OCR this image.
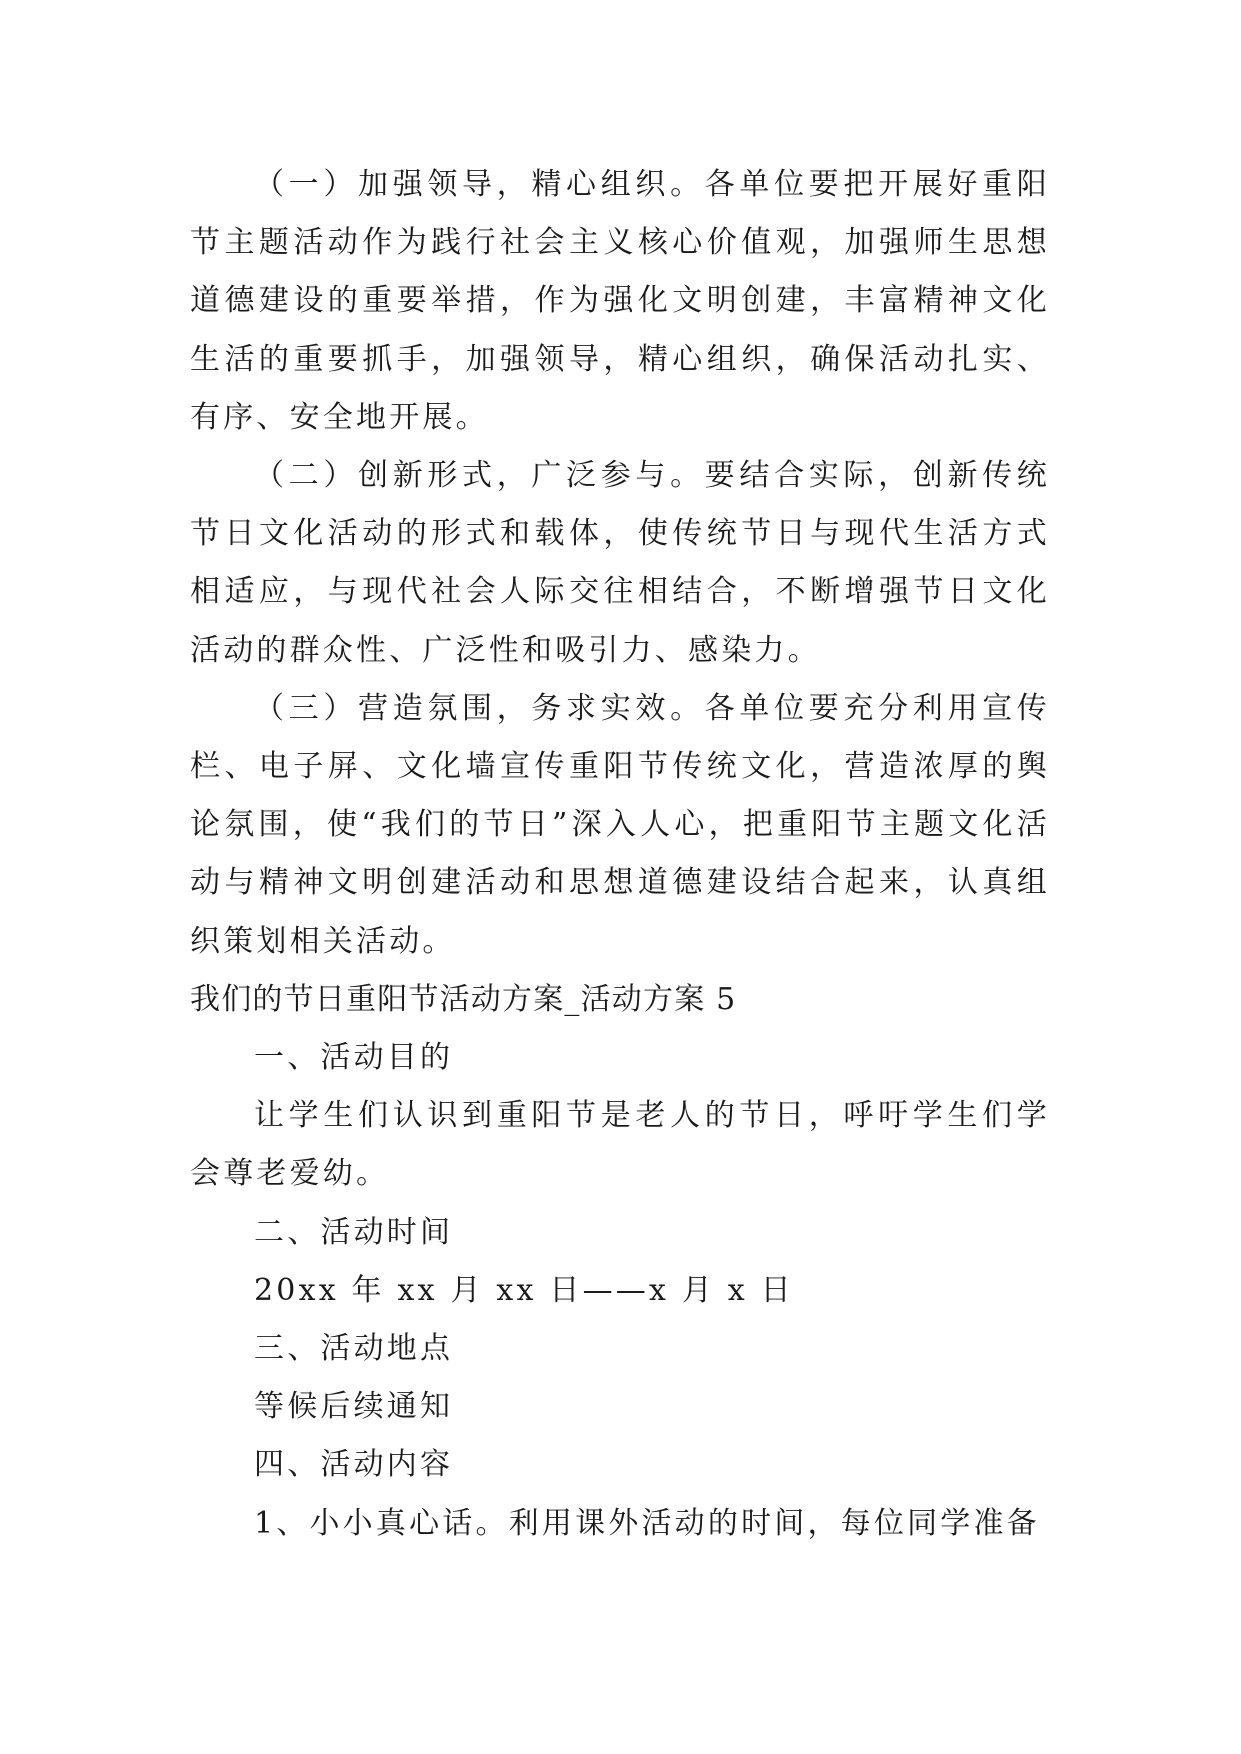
（一）加强领导，精心组织。各单位要把开展好重阳节主题活动作为践行社会主义核心价值观，加强师生思想道德建设的重要举措，作为强化文明创建，丰富精神文化生活的重要抓手，加强领导，精心组织，确保活动扎实、有序、安全地开展。

（二）创新形式，广泛参与。要结合实际，创新传统节日文化活动的形式和载体，使传统节日与现代生活方式相适应，与现代社会人际交往相结合，不断增强节日文化活动的群众性、广泛性和吸引力、感染力。

（三）营造氛围，务求实效。各单位要充分利用宣传栏、电子屏、文化墙宣传重阳节传统文化，营造浓厚的舆论氛围，使“我们的节日”深入人心，把重阳节主题文化活动与精神文明创建活动和思想道德建设结合起来，认真组织策划相关活动。

我们的节日重阳节活动方案_活动方案 5

一、活动目的

让学生们认识到重阳节是老人的节日，呼吁学生们学会尊老爱幼。

二、活动时间

20xx 年 xx 月 xx 日——x 月 x 日

三、活动地点

等候后续通知

四、活动内容

1、小小真心话。利用课外活动的时间，每位同学准备
